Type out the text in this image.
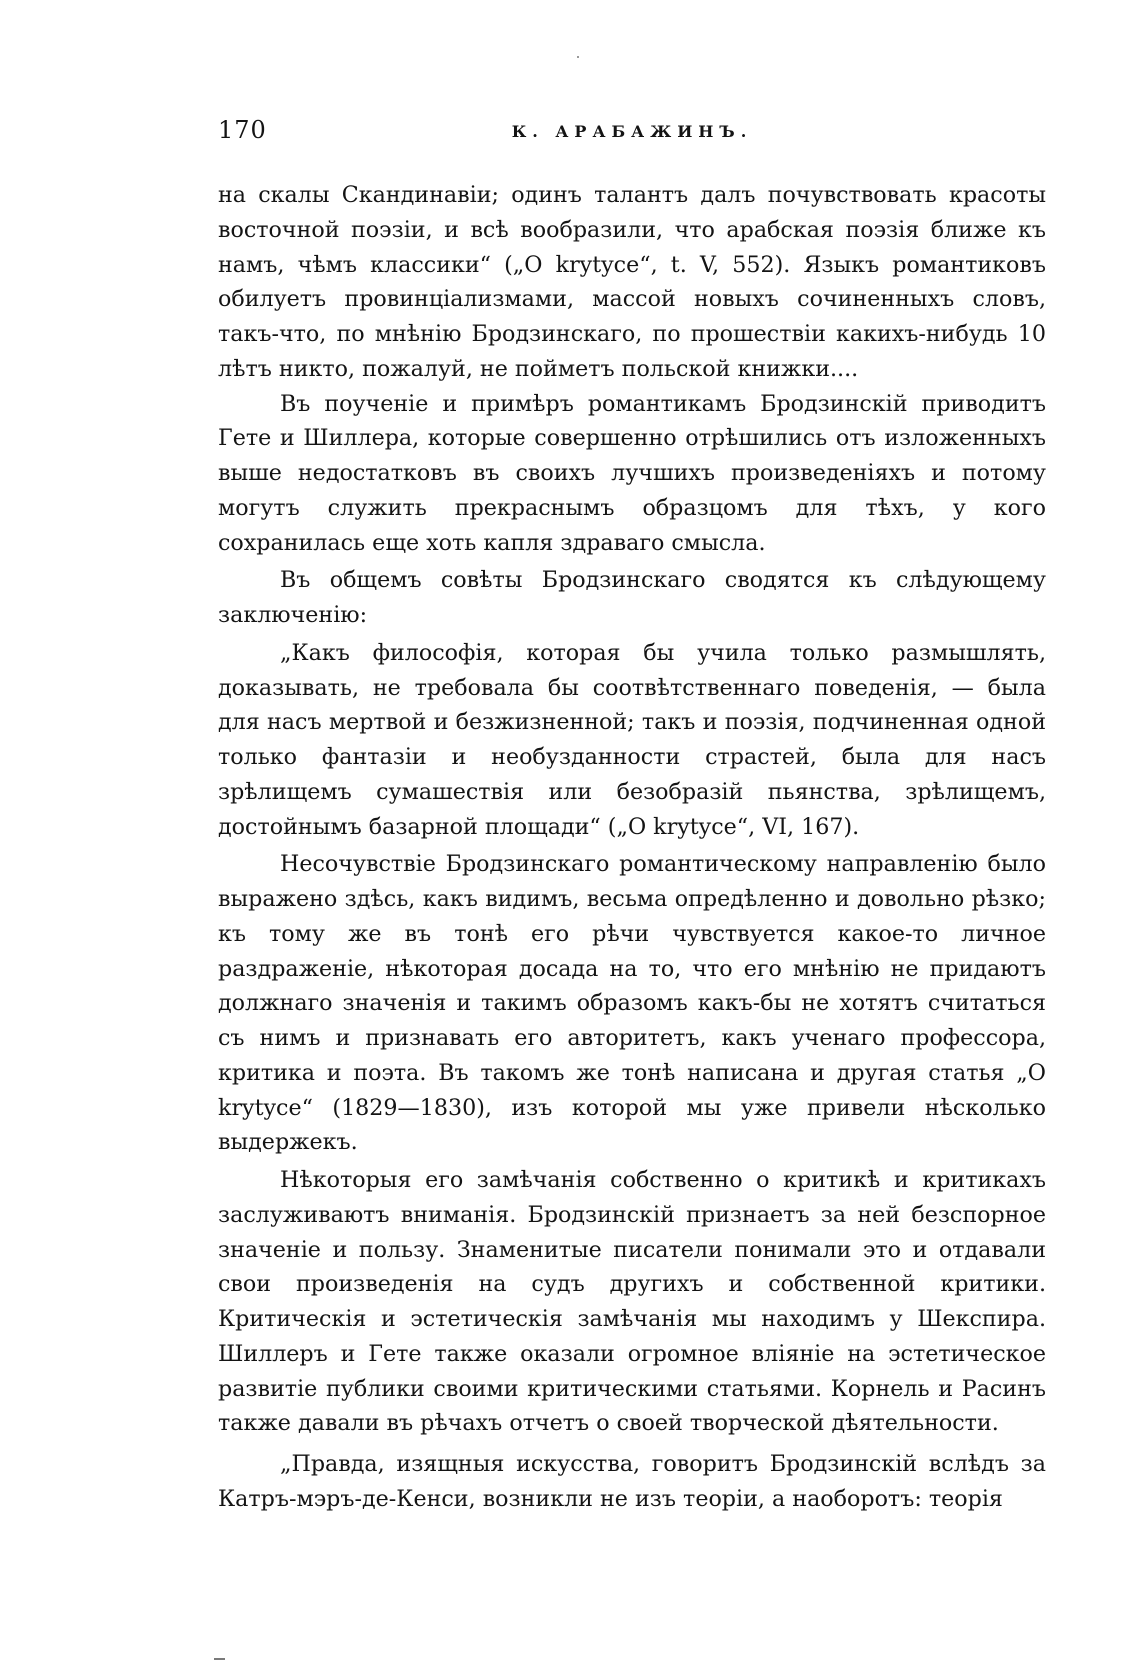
170	К. АРАБАЖИНЪ.

на скалы Скандинавіи; одинъ талантъ далъ почувствовать красоты восточной поэзіи, и всѣ вообразили, что арабская поэзія ближе къ намъ, чѣмъ классики“ („O krytyce“, t. V, 552). Языкъ романтиковъ обилуетъ провинціализмами, массой новыхъ сочиненныхъ словъ, такъ-что, по мнѣнію Бродзинскаго, по прошествіи какихъ-нибудь 10 лѣтъ никто, пожалуй, не пойметъ польской книжки....

Въ поученіе и примѣръ романтикамъ Бродзинскій приводитъ Гете и Шиллера, которые совершенно отрѣшились отъ изложенныхъ выше недостатковъ въ своихъ лучшихъ произведеніяхъ и потому могутъ служить прекраснымъ образцомъ для тѣхъ, у кого сохранилась еще хоть капля здраваго смысла.

Въ общемъ совѣты Бродзинскаго сводятся къ слѣдующему заключенію:

„Какъ философія, которая бы учила только размышлять, доказывать, не требовала бы соотвѣтственнаго поведенія, — была для насъ мертвой и безжизненной; такъ и поэзія, подчиненная одной только фантазіи и необузданности страстей, была для насъ зрѣлищемъ сумашествія или безобразій пьянства, зрѣлищемъ, достойнымъ базарной площади“ („O krytyce“, VI, 167).

Несочувствіе Бродзинскаго романтическому направленію было выражено здѣсь, какъ видимъ, весьма опредѣленно и довольно рѣзко; къ тому же въ тонѣ его рѣчи чувствуется какое-то личное раздраженіе, нѣкоторая досада на то, что его мнѣнію не придаютъ должнаго значенія и такимъ образомъ какъ-бы не хотятъ считаться съ нимъ и признавать его авторитетъ, какъ ученаго профессора, критика и поэта. Въ такомъ же тонѣ написана и другая статья „O krytyce“ (1829—1830), изъ которой мы уже привели нѣсколько выдержекъ.

Нѣкоторыя его замѣчанія собственно о критикѣ и критикахъ заслуживаютъ вниманія. Бродзинскій признаетъ за ней безспорное значеніе и пользу. Знаменитые писатели понимали это и отдавали свои произведенія на судъ другихъ и собственной критики. Критическія и эстетическія замѣчанія мы находимъ у Шекспира. Шиллеръ и Гете также оказали огромное вліяніе на эстетическое развитіе публики своими критическими статьями. Корнель и Расинъ также давали въ рѣчахъ отчетъ о своей творческой дѣятельности.

„Правда, изящныя искусства, говоритъ Бродзинскій вслѣдъ за Катръ-мэръ-де-Кенси, возникли не изъ теоріи, а наоборотъ: теорія
